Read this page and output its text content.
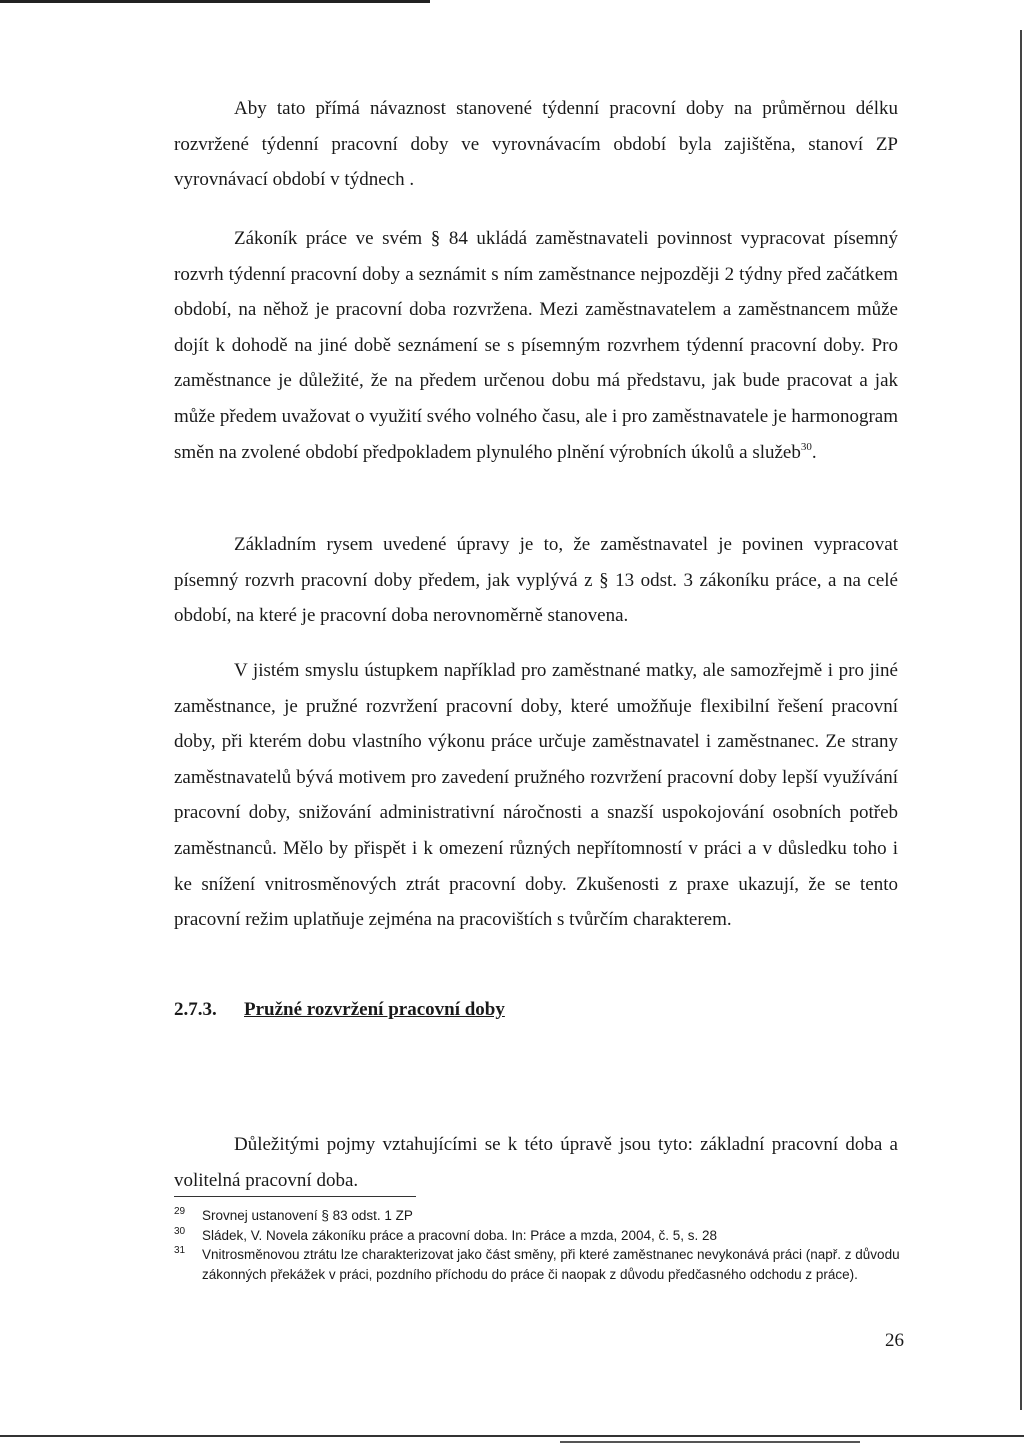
Aby tato přímá návaznost stanovené týdenní pracovní doby na průměrnou délku rozvržené týdenní pracovní doby ve vyrovnávacím období byla zajištěna, stanoví ZP vyrovnávací období v týdnech .

Zákoník práce ve svém § 84 ukládá zaměstnavateli povinnost vypracovat písemný rozvrh týdenní pracovní doby a seznámit s ním zaměstnance nejpozději 2 týdny před začátkem období, na něhož je pracovní doba rozvržena. Mezi zaměstnavatelem a zaměstnancem může dojít k dohodě na jiné době seznámení se s písemným rozvrhem týdenní pracovní doby. Pro zaměstnance je důležité, že na předem určenou dobu má představu, jak bude pracovat a jak může předem uvažovat o využití svého volného času, ale i pro zaměstnavatele je harmonogram směn na zvolené období předpokladem plynulého plnění výrobních úkolů a služeb$^{30}$.

Základním rysem uvedené úpravy je to, že zaměstnavatel je povinen vypracovat písemný rozvrh pracovní doby předem, jak vyplývá z § 13 odst. 3 zákoníku práce, a na celé období, na které je pracovní doba nerovnoměrně stanovena.

V jistém smyslu ústupkem například pro zaměstnané matky, ale samozřejmě i pro jiné zaměstnance, je pružné rozvržení pracovní doby, které umožňuje flexibilní řešení pracovní doby, při kterém dobu vlastního výkonu práce určuje zaměstnavatel i zaměstnanec. Ze strany zaměstnavatelů bývá motivem pro zavedení pružného rozvržení pracovní doby lepší využívání pracovní doby, snižování administrativní náročnosti a snazší uspokojování osobních potřeb zaměstnanců. Mělo by přispět i k omezení různých nepřítomností v práci a v důsledku toho i ke snížení vnitrosměnových ztrát pracovní doby. Zkušenosti z praxe ukazují, že se tento pracovní režim uplatňuje zejména na pracovištích s tvůrčím charakterem.

2.7.3. Pružné rozvržení pracovní doby

Důležitými pojmy vztahujícími se k této úpravě jsou tyto: základní pracovní doba a volitelná pracovní doba.

29 Srovnej ustanovení § 83 odst. 1 ZP
30 Sládek, V. Novela zákoníku práce a pracovní doba. In: Práce a mzda, 2004, č. 5, s. 28
31 Vnitrosměnovou ztrátu lze charakterizovat jako část směny, při které zaměstnanec nevykonává práci (např. z důvodu zákonných překážek v práci, pozdního příchodu do práce či naopak z důvodu předčasného odchodu z práce).
26
